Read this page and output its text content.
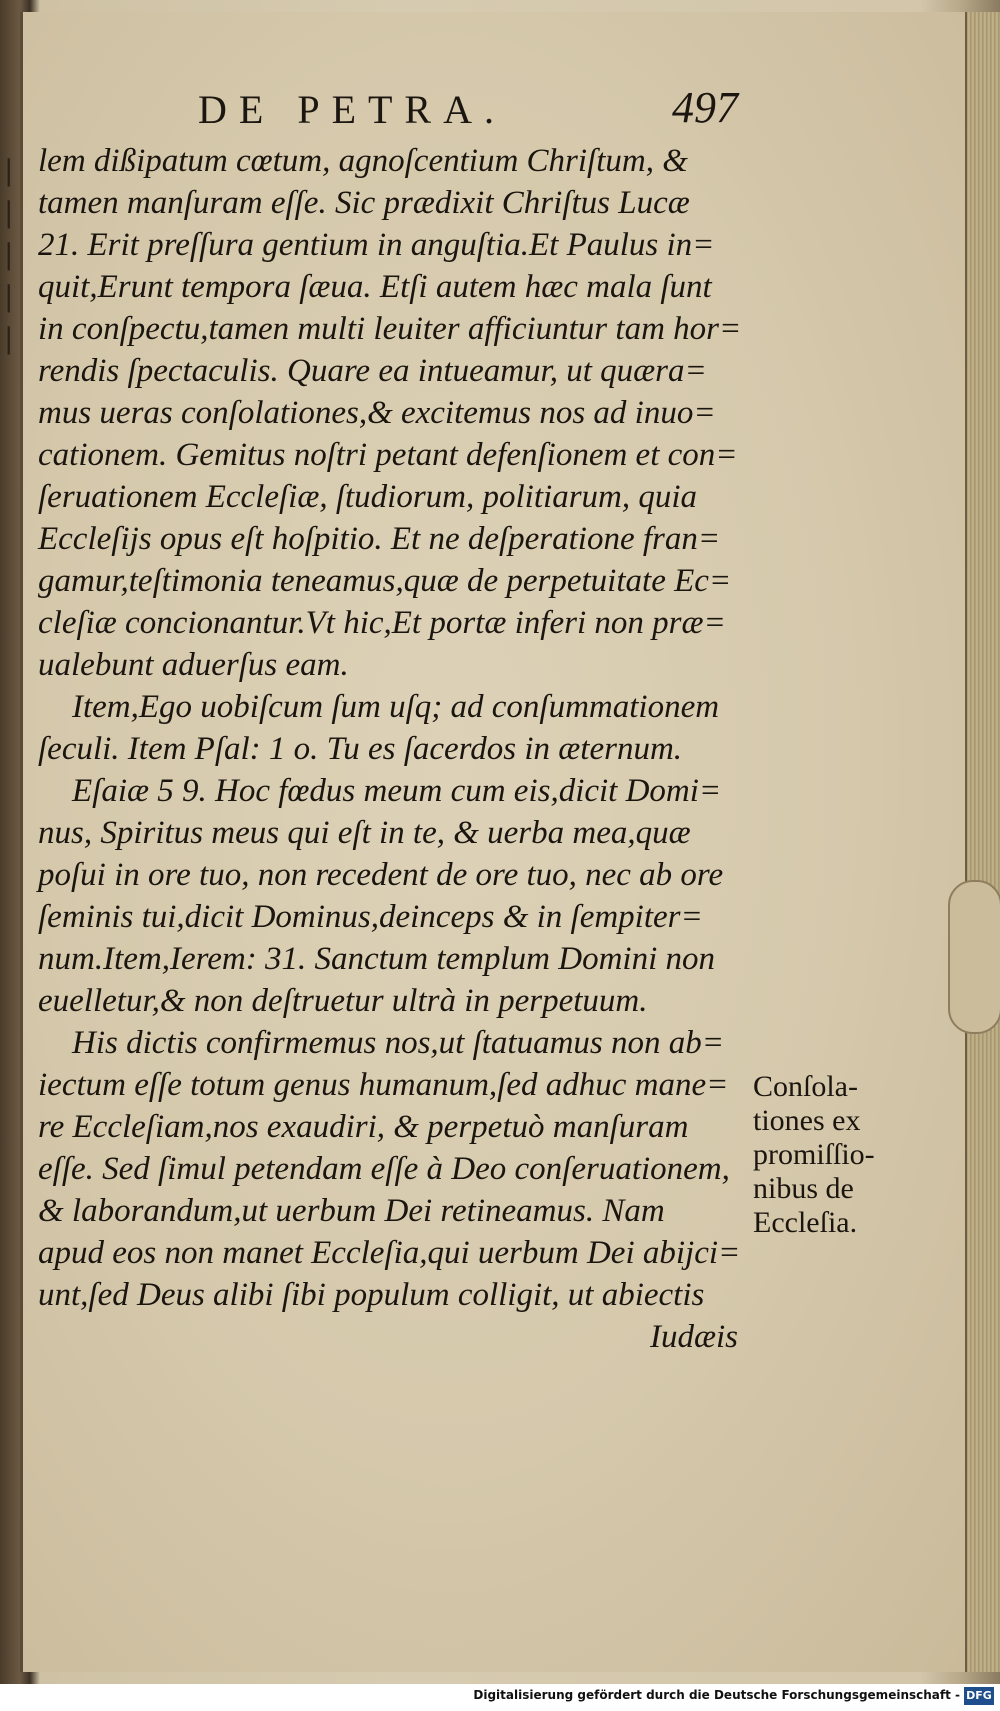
|
|
|
|
|
DE PETRA.	497
lem dißipatum cœtum, agnoſcentium Chriſtum, &
tamen manſuram eſſe. Sic prædixit Chriſtus Lucæ
21. Erit preſſura gentium in anguſtia.Et Paulus in=
quit,Erunt tempora ſæua. Etſi autem hæc mala ſunt
in conſpectu,tamen multi leuiter afficiuntur tam hor=
rendis ſpectaculis. Quare ea intueamur, ut quæra=
mus ueras conſolationes,& excitemus nos ad inuo=
cationem. Gemitus noſtri petant defenſionem et con=
ſeruationem Eccleſiæ, ſtudiorum, politiarum, quia
Eccleſijs opus eſt hoſpitio. Et ne deſperatione fran=
gamur,teſtimonia teneamus,quæ de perpetuitate Ec=
cleſiæ concionantur.Vt hic,Et portæ inferi non præ=
ualebunt aduerſus eam.
Item,Ego uobiſcum ſum uſq; ad conſummationem
ſeculi. Item Pſal: 1 o. Tu es ſacerdos in æternum.
Eſaiæ 5 9. Hoc fœdus meum cum eis,dicit Domi=
nus, Spiritus meus qui eſt in te, & uerba mea,quæ
poſui in ore tuo, non recedent de ore tuo, nec ab ore
ſeminis tui,dicit Dominus,deinceps & in ſempiter=
num.Item,Ierem: 31. Sanctum templum Domini non
euelletur,& non deſtruetur ultrà in perpetuum.
His dictis confirmemus nos,ut ſtatuamus non ab=
iectum eſſe totum genus humanum,ſed adhuc mane=
re Eccleſiam,nos exaudiri, & perpetuò manſuram
eſſe. Sed ſimul petendam eſſe à Deo conſeruationem,
& laborandum,ut uerbum Dei retineamus. Nam
apud eos non manet Eccleſia,qui uerbum Dei abijci=
unt,ſed Deus alibi ſibi populum colligit, ut abiectis
Iudæis
Conſola-
tiones ex
promiſſio-
nibus de
Eccleſia.
Digitalisierung gefördert durch die Deutsche Forschungsgemeinschaft - DFG
